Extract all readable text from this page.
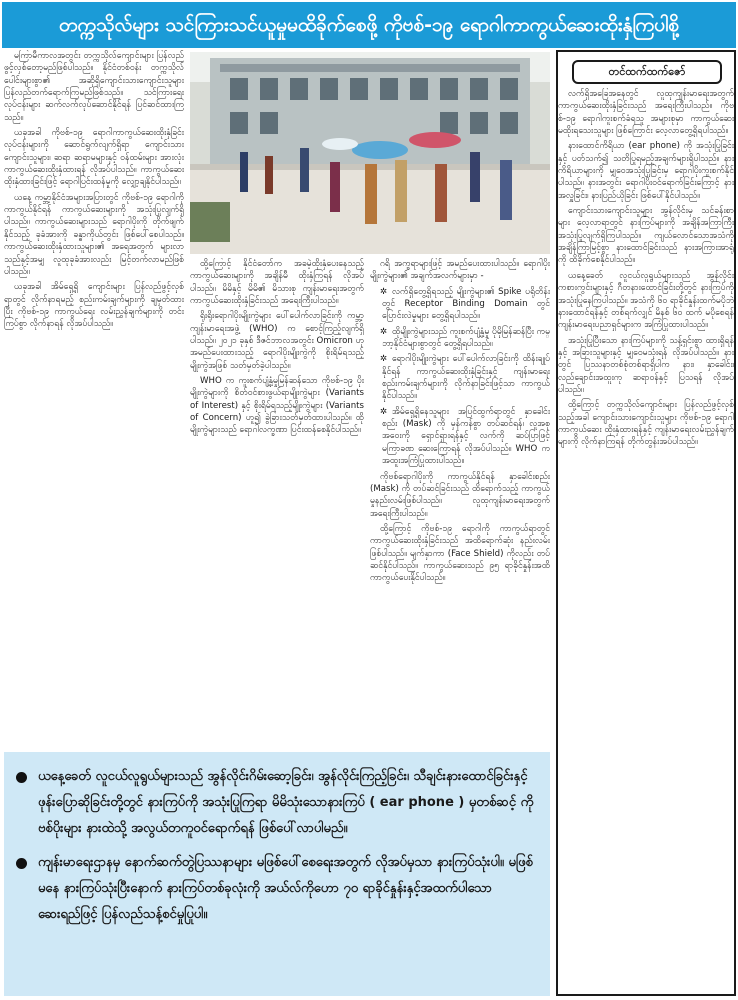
တက္ကသိုလ်များ သင်ကြားသင်ယူမှုမထိခိုက်စေဖို့ ကိုဗစ်-၁၉ ရောဂါကာကွယ်ဆေးထိုးနှံကြပါစို့

မကြာမီကာလအတွင်း တက္ကသိုလ်ကျောင်းများ ပြန်လည်ဖွင့်လှစ်တော့မည်ဖြစ်ပါသည်။ နိုင်ငံတစ်ဝန်း တက္ကသိုလ်ပေါင်းများစွာ၏ အဆိုရှိကျောင်းသားကျောင်းသူများ ပြန်လည်တက်ရောက်ကြမည်ဖြစ်သည်။ သင်ကြားရေးလုပ်ငန်းများ ဆက်လက်လုပ်ဆောင်နိုင်ရန် ပြင်ဆင်ထားကြသည်။

ယခုအခါ ကိုဗစ်-၁၉ ရောဂါကာကွယ်ဆေးထိုးနှံခြင်းလုပ်ငန်းများကို ဆောင်ရွက်လျက်ရှိရာ ကျောင်းသားကျောင်းသူများ၊ ဆရာ ဆရာမများနှင့် ဝန်ထမ်းများ အားလုံး ကာကွယ်ဆေးထိုးနှံထားရန် လိုအပ်ပါသည်။ ကာကွယ်ဆေးထိုးနှံထားခြင်းဖြင့် ရောဂါပြင်းထန်မှုကို လျှော့ချနိုင်ပါသည်။

ယနေ့ ကမ္ဘာ့နိုင်ငံအများအပြားတွင် ကိုဗစ်-၁၉ ရောဂါကို ကာကွယ်နိုင်ရန် ကာကွယ်ဆေးများကို အသုံးပြုလျက်ရှိပါသည်။ ကာကွယ်ဆေးများသည် ရောဂါပိုးကို တိုက်ဖျက်နိုင်သည့် ခုခံအားကို ခန္ဓာကိုယ်တွင်း ဖြစ်ပေါ်စေပါသည်။ ကာကွယ်ဆေးထိုးနှံထားသူများ၏ အရေအတွက် များလာသည်နှင့်အမျှ လူထုခုခံအားလည်း မြင့်တက်လာမည်ဖြစ်ပါသည်။

ယခုအခါ အိမ်ရှေ့ရှိ ကျောင်းများ ပြန်လည်ဖွင့်လှစ်ရာတွင် လိုက်နာရမည့် စည်းကမ်းချက်များကို ချမှတ်ထားပြီး ကိုဗစ်-၁၉ ကာကွယ်ရေး လမ်းညွှန်ချက်များကို တင်းကြပ်စွာ လိုက်နာရန် လိုအပ်ပါသည်။

ထို့ကြောင့် နိုင်ငံတော်က အခမဲ့ထိုးနှံပေးနေသည့် ကာကွယ်ဆေးများကို အချိန်မီ ထိုးနှံကြရန် လိုအပ်ပါသည်။ မိမိနှင့် မိမိ၏ မိသားစု ကျန်းမာရေးအတွက် ကာကွယ်ဆေးထိုးနှံခြင်းသည် အရေးကြီးပါသည်။

ရိုးရိုးရောဂါပိုးမျိုးကွဲများ ပေါ်ပေါက်လာခြင်းကို ကမ္ဘာ့ကျန်းမာရေးအဖွဲ့ (WHO) က စောင့်ကြည့်လျက်ရှိပါသည်။ ၂၀၂၁ ခုနှစ် ဒီဇင်ဘာလအတွင်း Omicron ဟု အမည်ပေးထားသည့် ရောဂါပိုးမျိုးကွဲကို စိုးရိမ်ရသည့် မျိုးကွဲအဖြစ် သတ်မှတ်ခဲ့ပါသည်။

WHO က ကူးစက်ပျံ့နှံ့မှုမြန်ဆန်သော ကိုဗစ်-၁၉ ပိုးမျိုးကွဲများကို စိတ်ဝင်စားဖွယ်ရာမျိုးကွဲများ (Variants of Interest) နှင့် စိုးရိမ်ရသည့်မျိုးကွဲများ (Variants of Concern) ဟူ၍ ခွဲခြားသတ်မှတ်ထားပါသည်။ ထိုမျိုးကွဲများသည် ရောဂါလက္ခဏာ ပြင်းထန်စေနိုင်ပါသည်။

ဂရိ အက္ခရာများဖြင့် အမည်ပေးထားပါသည်။ ရောဂါပိုးမျိုးကွဲများ၏ အချက်အလက်များမှာ -

✲ လက်ရှိတွေ့ရှိရသည့် မျိုးကွဲများ၏ Spike ပရိုတိန်းတွင် Receptor Binding Domain တွင် ပြောင်းလဲမှုများ တွေ့ရှိရပါသည်။

✲ ထိုမျိုးကွဲများသည် ကူးစက်ပျံ့နှံ့မှု ပိုမိုမြန်ဆန်ပြီး ကမ္ဘာ့နိုင်ငံများစွာတွင် တွေ့ရှိရပါသည်။

✲ ရောဂါပိုးမျိုးကွဲများ ပေါ်ပေါက်လာခြင်းကို ထိန်းချုပ်နိုင်ရန် ကာကွယ်ဆေးထိုးနှံခြင်းနှင့် ကျန်းမာရေးစည်းကမ်းချက်များကို လိုက်နာခြင်းဖြင့်သာ ကာကွယ်နိုင်ပါသည်။

✲ အိမ်ရှေ့ရှိနေသူများ အပြင်ထွက်ရာတွင် နှာခေါင်းစည်း (Mask) ကို မှန်ကန်စွာ တပ်ဆင်ရန်၊ လူအစုအဝေးကို ရှောင်ရှားရန်နှင့် လက်ကို ဆပ်ပြာဖြင့် မကြာခဏ ဆေးကြောရန် လိုအပ်ပါသည်။ WHO က အထူးအကြံပြုထားပါသည်။

ကိုဗစ်ရောဂါပိုးကို ကာကွယ်နိုင်ရန် နှာခေါင်းစည်း (Mask) ကို တပ်ဆင်ခြင်းသည် ထိရောက်သည့် ကာကွယ်မှုနည်းလမ်းဖြစ်ပါသည်။ လူထုကျန်းမာရေးအတွက် အရေးကြီးပါသည်။

ထို့ကြောင့် ကိုဗစ်-၁၉ ရောဂါကို ကာကွယ်ရာတွင် ကာကွယ်ဆေးထိုးနှံခြင်းသည် အထိရောက်ဆုံး နည်းလမ်းဖြစ်ပါသည်။ မျက်နှာကာ (Face Shield) ကိုလည်း တပ်ဆင်နိုင်ပါသည်။ ကာကွယ်ဆေးသည် ၉၅ ရာခိုင်နှုန်းအထိ ကာကွယ်ပေးနိုင်ပါသည်။

တင်ထက်ထက်ဇော်

လက်ရှိအခြေအနေတွင် လူထုကျန်းမာရေးအတွက် ကာကွယ်ဆေးထိုးနှံခြင်းသည် အရေးကြီးပါသည်။ ကိုဗစ်-၁၉ ရောဂါကူးစက်ခံရသူ အများစုမှာ ကာကွယ်ဆေးမထိုးရသေးသူများ ဖြစ်ကြောင်း လေ့လာတွေ့ရှိရပါသည်။

နားထောင်ကိရိယာ (ear phone) ကို အသုံးပြုခြင်းနှင့် ပတ်သက်၍ သတိပြုရမည့်အချက်များရှိပါသည်။ နားကိရိယာများကို မျှဝေအသုံးပြုခြင်းမှ ရောဂါပိုးကူးစက်နိုင်ပါသည်။ နားအတွင်း ရောဂါပိုးဝင်ရောက်ခြင်းကြောင့် နားအလှူခြင်း၊ နားပြည်ယိုခြင်း ဖြစ်ပေါ်နိုင်ပါသည်။

ကျောင်းသားကျောင်းသူများ အွန်လိုင်းမှ သင်ခန်းစာများ လေ့လာရာတွင် နားကြပ်များကို အချိန်အကြာကြီး အသုံးပြုလျက်ရှိကြပါသည်။ ကျယ်လောင်သောအသံကို အချိန်ကြာမြင့်စွာ နားထောင်ခြင်းသည် နားအကြားအာရုံကို ထိခိုက်စေနိုင်ပါသည်။

ယနေ့ခေတ် လူငယ်လူရွယ်များသည် အွန်လိုင်းကစားကွင်းများနှင့် ဂီတနားထောင်ခြင်းတို့တွင် နားကြပ်ကို အသုံးပြုနေကြပါသည်။ အသံကို ၆၀ ရာခိုင်နှုန်းထက်မပိုဘဲ နားထောင်ရန်နှင့် တစ်ရက်လျှင် မိနစ် ၆၀ ထက် မပိုစေရန် ကျန်းမာရေးပညာရှင်များက အကြံပြုထားပါသည်။

အသုံးပြုပြီးသော နားကြပ်များကို သန့်ရှင်းစွာ ထားရှိရန်နှင့် အခြားသူများနှင့် မျှဝေမသုံးရန် လိုအပ်ပါသည်။ နားတွင် ပြဿနာတစ်စုံတစ်ရာရှိပါက နား၊ နှာခေါင်း၊ လည်ချောင်းအထူးကု ဆရာဝန်နှင့် ပြသရန် လိုအပ်ပါသည်။

ထို့ကြောင့် တက္ကသိုလ်ကျောင်းများ ပြန်လည်ဖွင့်လှစ်သည့်အခါ ကျောင်းသားကျောင်းသူများ ကိုဗစ်-၁၉ ရောဂါကာကွယ်ဆေး ထိုးနှံထားရန်နှင့် ကျန်းမာရေးလမ်းညွှန်ချက်များကို လိုက်နာကြရန် တိုက်တွန်းအပ်ပါသည်။

ယနေ့ခေတ် လူငယ်လူရွယ်များသည် အွန်လိုင်းဂိမ်းဆော့ခြင်း၊ အွန်လိုင်းကြည့်ခြင်း၊ သီချင်းနားထောင်ခြင်းနှင့် ဖုန်းပြောဆိုခြင်းတို့တွင် နားကြပ်ကို အသုံးပြုကြရာ မိမိသုံးသောနားကြပ် ( ear phone ) မှတစ်ဆင့် ကိုဗစ်ပိုးများ နားထဲသို့ အလွယ်တကူဝင်ရောက်ရန် ဖြစ်ပေါ်လာပါမည်။
ကျန်းမာရေးဌာနမှ နောက်ဆက်တွဲပြဿနာများ မဖြစ်ပေါ်စေရေးအတွက် လိုအပ်မှသာ နားကြပ်သုံးပါ။ မဖြစ်မနေ နားကြပ်သုံးပြီးနောက် နားကြပ်တစ်ခုလုံးကို အယ်လ်ကိုဟော ၇၀ ရာခိုင်နှုန်းနှင့်အထက်ပါသော ဆေးရည်ဖြင့် ပြန်လည်သန့်စင်မှုပြုပါ။
